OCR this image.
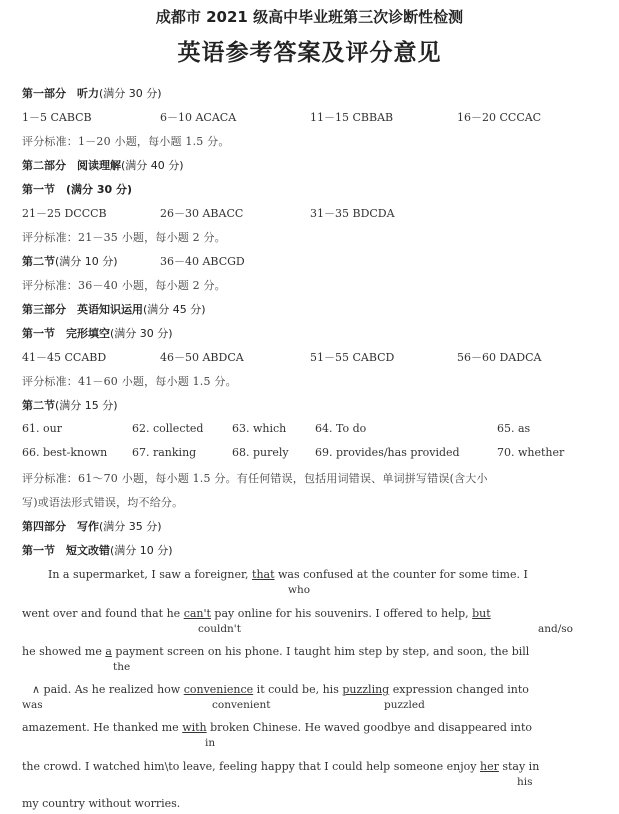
成都市 2021 级高中毕业班第三次诊断性检测
英语参考答案及评分意见
第一部分　听力(满分 30 分)
1－5 CABCB	6－10 ACACA	11－15 CBBAB	16－20 CCCAC
评分标准：1－20 小题，每小题 1.5 分。
第二部分　阅读理解(满分 40 分)
第一节　(满分 30 分)
21－25 DCCCB	26－30 ABACC	31－35 BDCDA
评分标准：21－35 小题，每小题 2 分。
第二节(满分 10 分)	36－40 ABCGD
评分标准：36－40 小题，每小题 2 分。
第三部分　英语知识运用(满分 45 分)
第一节　完形填空(满分 30 分)
41－45 CCABD	46－50 ABDCA	51－55 CABCD	56－60 DADCA
评分标准：41－60 小题，每小题 1.5 分。
第二节(满分 15 分)
61. our	62. collected	63. which	64. To do	65. as
66. best-known 67. ranking	68. purely 69. provides/has provided	70. whether
评分标准：61～70 小题，每小题 1.5 分。有任何错误，包括用词错误、单词拼写错误(含大小
写)或语法形式错误，均不给分。
第四部分　写作(满分 35 分)
第一节　短文改错(满分 10 分)
In a supermarket, I saw a foreigner, that was confused at the counter for some time. I
who
went over and found that he can't pay online for his souvenirs. I offered to help, but
couldn't	and/so
he showed me a payment screen on his phone. I taught him step by step, and soon, the bill
the
∧ paid. As he realized how convenience it could be, his puzzling expression changed into
was	convenient	puzzled
amazement. He thanked me with broken Chinese. He waved goodbye and disappeared into
in
the crowd. I watched him\to leave, feeling happy that I could help someone enjoy her stay in
his
my country without worries.
